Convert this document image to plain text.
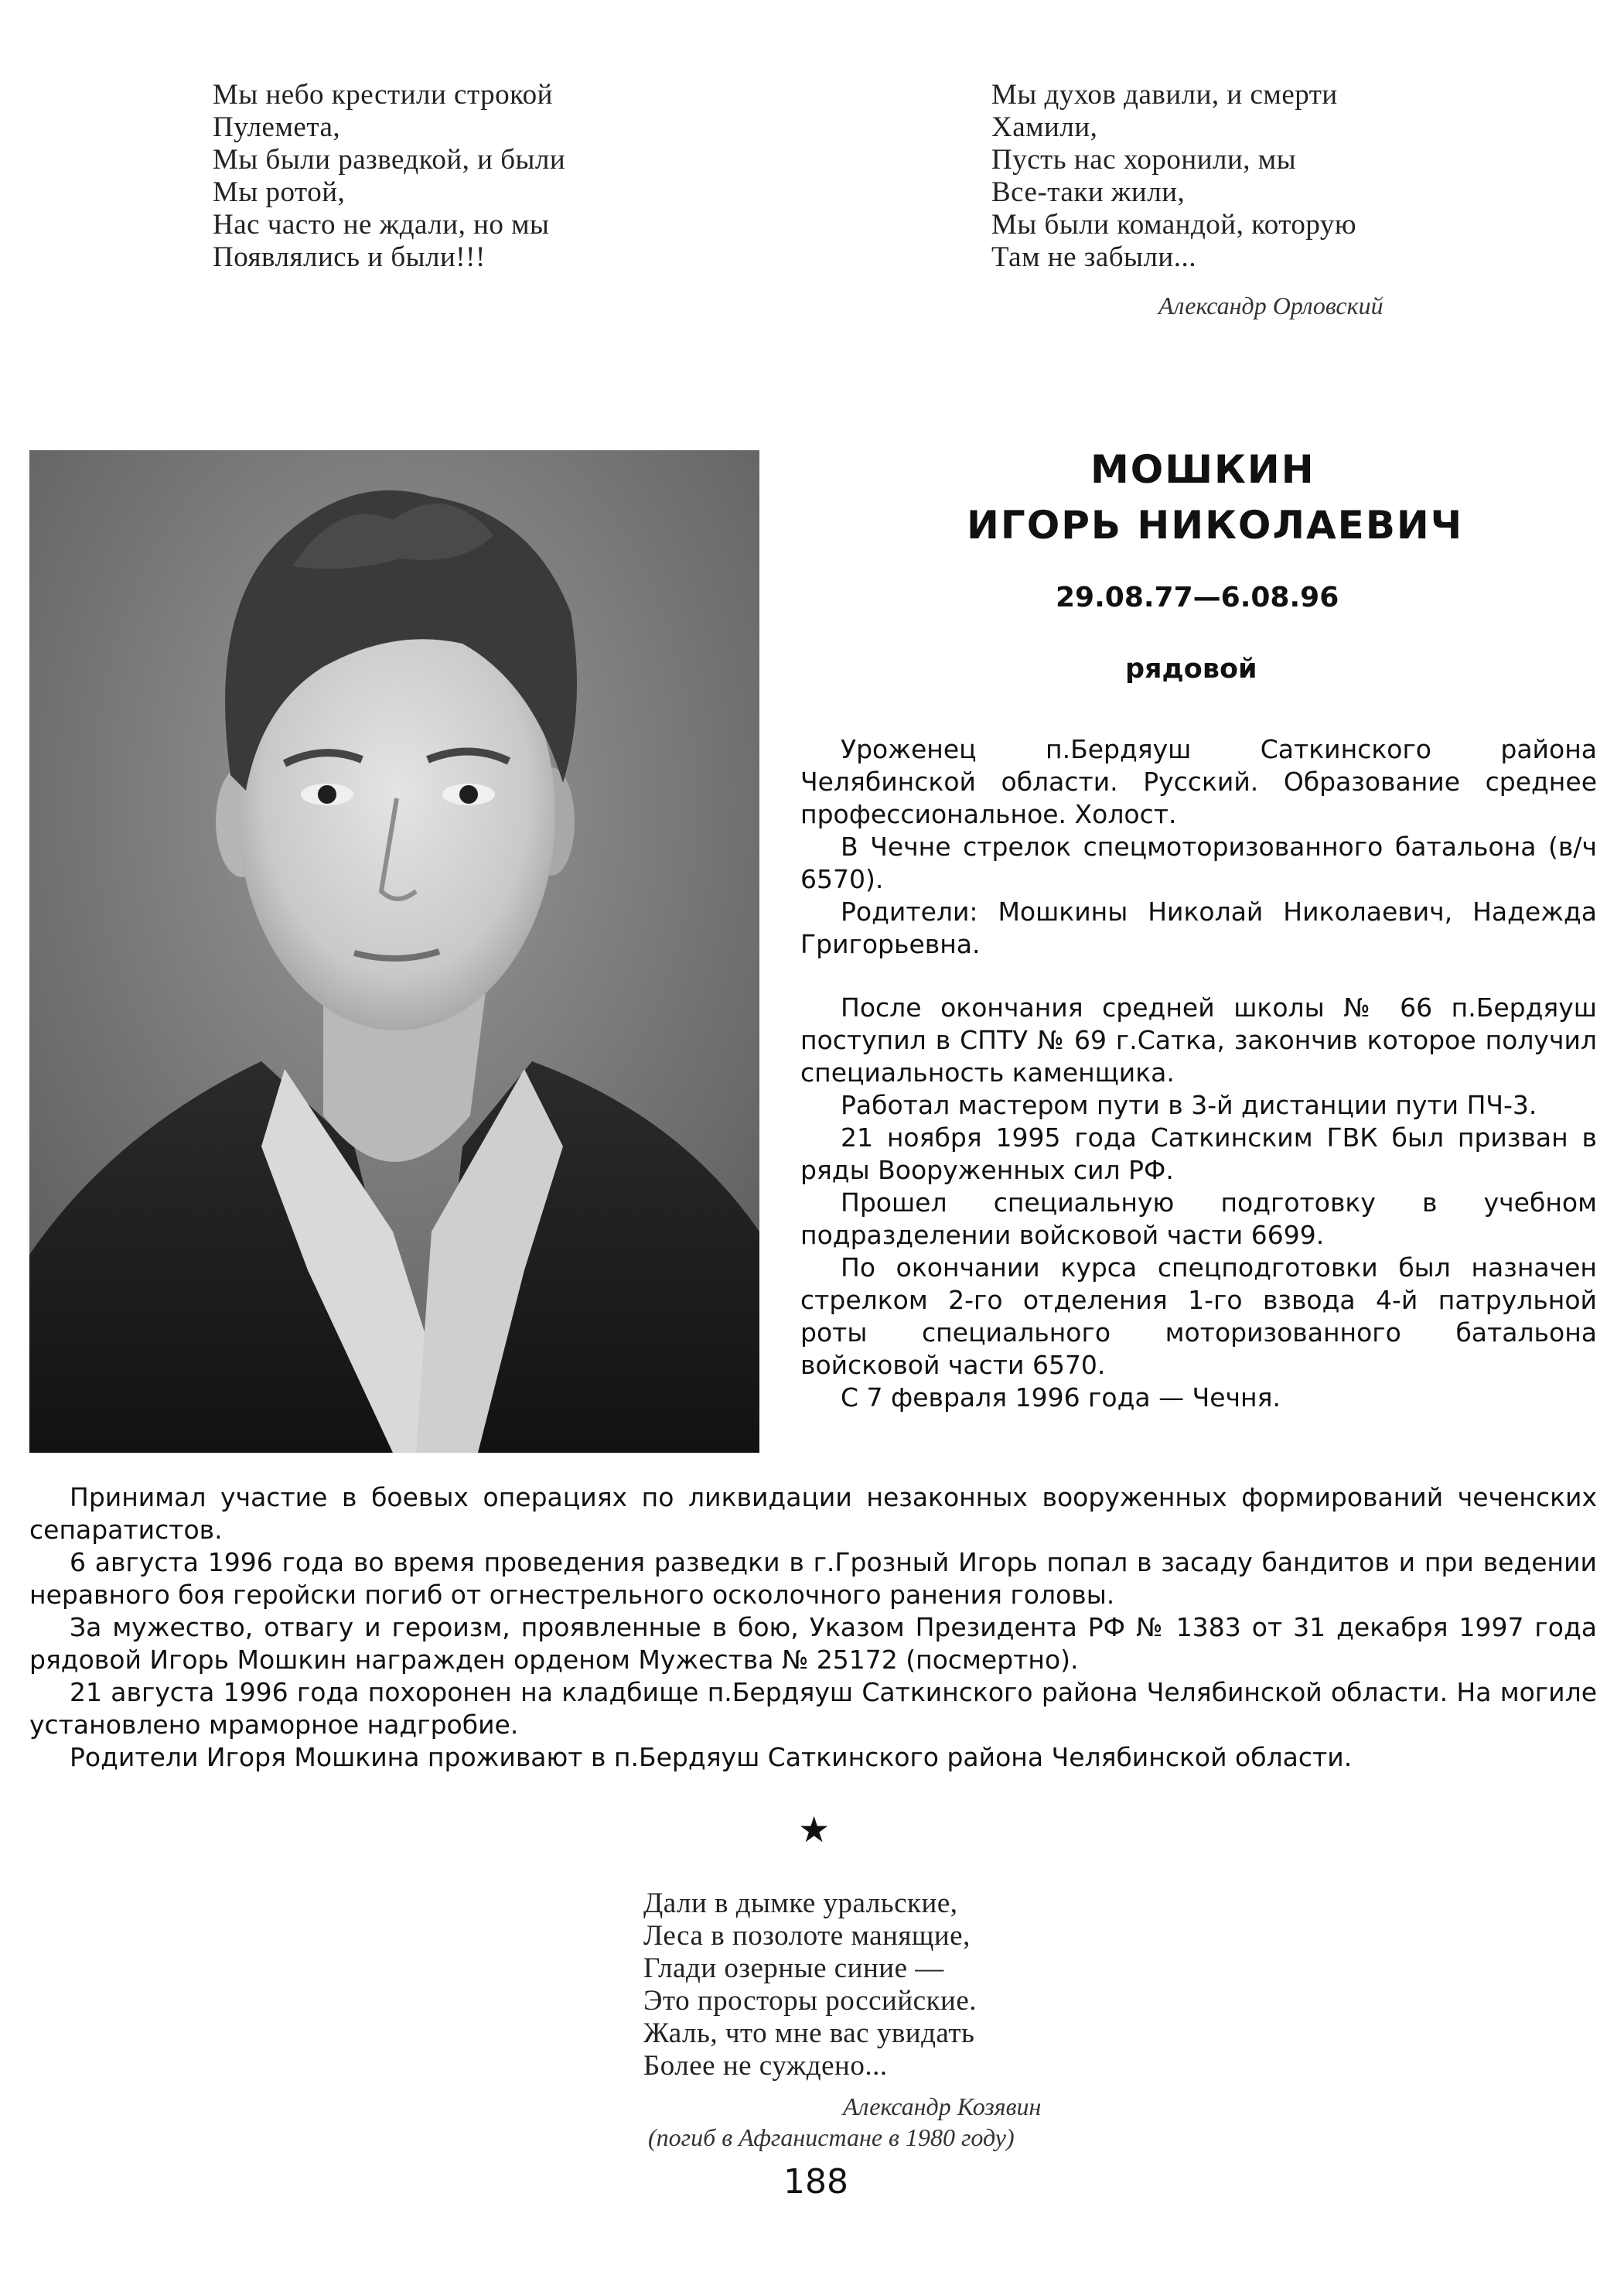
Мы небо крестили строкой
Пулемета,
Мы были разведкой, и были
Мы ротой,
Нас часто не ждали, но мы
Появлялись и были!!!
Мы духов давили, и смерти
Хамили,
Пусть нас хоронили, мы
Все-таки жили,
Мы были командой, которую
Там не забыли...
Александр Орловский
МОШКИН
ИГОРЬ НИКОЛАЕВИЧ
29.08.77—6.08.96
рядовой

Уроженец п.Бердяуш Саткинского района Челябинской области. Русский. Образование среднее профессиональное. Холост.

В Чечне стрелок спецмоторизованного батальона (в/ч 6570).

Родители: Мошкины Николай Николаевич, Надежда Григорьевна.

После окончания средней школы № 66 п.Бердяуш поступил в СПТУ № 69 г.Сатка, закончив которое получил специальность каменщика.

Работал мастером пути в 3-й дистанции пути ПЧ-3.

21 ноября 1995 года Саткинским ГВК был призван в ряды Вооруженных сил РФ.

Прошел специальную подготовку в учебном подразделении войсковой части 6699.

По окончании курса спецподготовки был назначен стрелком 2-го отделения 1-го взвода 4-й патрульной роты специального моторизованного батальона войсковой части 6570.

С 7 февраля 1996 года — Чечня.

Принимал участие в боевых операциях по ликвидации незаконных вооруженных формирований чеченских сепаратистов.

6 августа 1996 года во время проведения разведки в г.Грозный Игорь попал в засаду бандитов и при ведении неравного боя геройски погиб от огнестрельного осколочного ранения головы.

За мужество, отвагу и героизм, проявленные в бою, Указом Президента РФ № 1383 от 31 декабря 1997 года рядовой Игорь Мошкин награжден орденом Мужества № 25172 (посмертно).

21 августа 1996 года похоронен на кладбище п.Бердяуш Саткинского района Челябинской области. На могиле установлено мраморное надгробие.

Родители Игоря Мошкина проживают в п.Бердяуш Саткинского района Челябинской области.

★
Дали в дымке уральские,
Леса в позолоте манящие,
Глади озерные синие —
Это просторы российские.
Жаль, что мне вас увидать
Более не суждено...
Александр Козявин
(погиб в Афганистане в 1980 году)
188
